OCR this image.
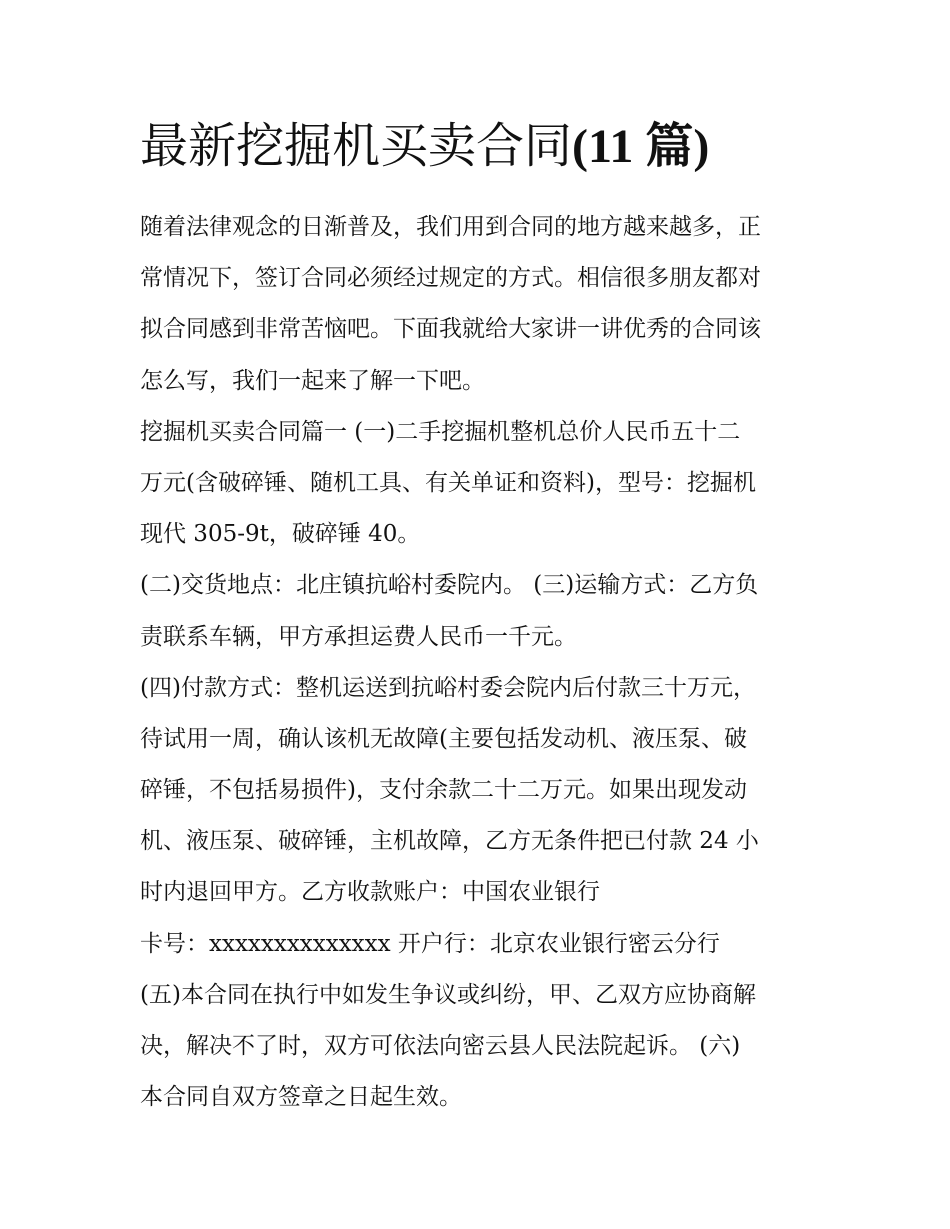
最新挖掘机买卖合同(11 篇)
随着法律观念的日渐普及，我们用到合同的地方越来越多，正
常情况下，签订合同必须经过规定的方式。相信很多朋友都对
拟合同感到非常苦恼吧。下面我就给大家讲一讲优秀的合同该
怎么写，我们一起来了解一下吧。
挖掘机买卖合同篇一 (一)二手挖掘机整机总价人民币五十二
万元(含破碎锤、随机工具、有关单证和资料)，型号：挖掘机
现代 305-9t，破碎锤 40。
(二)交货地点：北庄镇抗峪村委院内。 (三)运输方式：乙方负
责联系车辆，甲方承担运费人民币一千元。
(四)付款方式：整机运送到抗峪村委会院内后付款三十万元，
待试用一周，确认该机无故障(主要包括发动机、液压泵、破
碎锤，不包括易损件)，支付余款二十二万元。如果出现发动
机、液压泵、破碎锤，主机故障，乙方无条件把已付款 24 小
时内退回甲方。乙方收款账户：中国农业银行
卡号：xxxxxxxxxxxxxx 开户行：北京农业银行密云分行
(五)本合同在执行中如发生争议或纠纷，甲、乙双方应协商解
决，解决不了时，双方可依法向密云县人民法院起诉。 (六)
本合同自双方签章之日起生效。
